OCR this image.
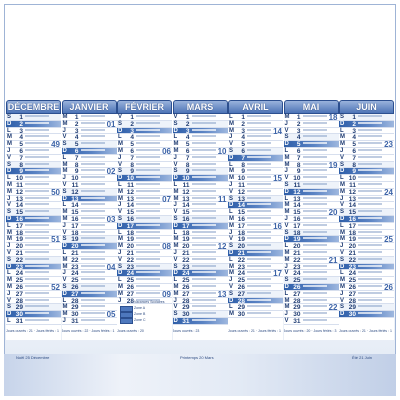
DÉCEMBRE
S	1
D	2
L	3
M	4
M	5	49
J	6
V	7
S	8
D	9
L 10
M 11
M 12	50
J 13
V 14
S 15
D 16
L 17
M 18
M 19	51
J 20
V 21
S 22
D 23
L 24
M 25
M 26	52
J 27
V 28
S 29
D 30
L 31
Jours ouvrés : 21 · Jours fériés : 1
JANVIER
M	1
M	2	01
J	3
V	4
S	5
D	6
L	7
M	8
M	9	02
J 10
V 11
S 12
D 13
L 14
M 15
M 16	03
J 17
V 18
S 19
D 20
L 21
M 22
M 23	04
J 24
V 25
S 26
D 27
L 28
M 29
M 30	05
J 31
Jours ouvrés : 22 · Jours fériés : 1
FÉVRIER
V	1
S	2
D	3
L	4
M	5
M	6	06
J	7
V	8
S	9
D 10
L 11
M 12
M 13	07
J 14
V 15
S 16
D 17
L 18
M 19
M 20	08
J 21
V 22
S 23
D 24
L 25
M 26
M 27	09
J 28
Jours ouvrés : 20
MARS
V	1
S	2
D	3
L	4
M	5
M	6	10
J	7
V	8
S	9
D 10
L 11
M 12
M 13	11
J 14
V 15
S 16
D 17
L 18
M 19
M 20	12
J 21
V 22
S 23
D 24
L 25
M 26
M 27	13
J 28
V 29
S 30
D 31
Jours ouvrés : 23
AVRIL
L	1
M	2
M	3	14
J	4
V	5
S	6
D	7
L	8
M	9
M 10	15
J 11
V 12
S 13
D 14
L 15
M 16
M 17	16
J 18
V 19
S 20
D 21
L 22
M 23
M 24	17
J 25
V 26
S 27
D 28
L 29
M 30
Jours ouvrés : 21 · Jours fériés : 1
MAI
M	1	18
J	2
V	3
S	4
D	5
L	6
M	7
M	8	19
J	9
V 10
S 11
D 12
L 13
M 14
M 15	20
J 16
V 17
S 18
D 19
L 20
M 21
M 22	21
J 23
V 24
S 25
D 26
L 27
M 28
M 29	22
J 30
V 31
Jours ouvrés : 20 · Jours fériés : 3
JUIN
S	1
D	2
L	3
M	4
M	5	23
J	6
V	7
S	8
D	9
L 10
M 11
M 12	24
J 13
V 14
S 15
D 16
L 17
M 18
M 19	25
J 20
V 21
S 22
D 23
L 24
M 25
M 26	26
J 27
V 28
S 29
D 30
Jours ouvrés : 21 · Jours fériés : 1
Noël 25 Décembre	Printemps 20 Mars	Été 21 Juin
Vacances Scolaires
Zone A
Zone B
Zone C
